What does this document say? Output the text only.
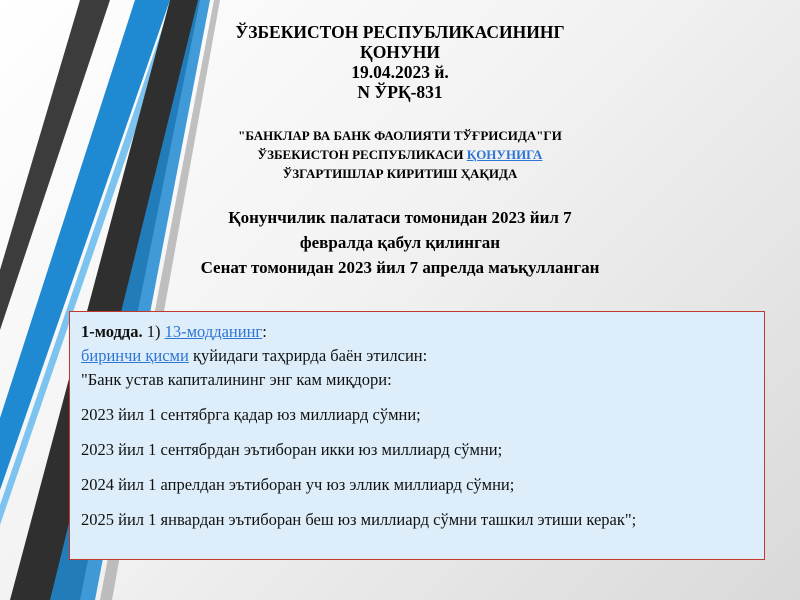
ЎЗБЕКИСТОН РЕСПУБЛИКАСИНИНГ
ҚОНУНИ
19.04.2023 й.
N ЎРҚ-831
"БАНКЛАР ВА БАНК ФАОЛИЯТИ ТЎҒРИСИДА"ГИ
ЎЗБЕКИСТОН РЕСПУБЛИКАСИ ҚОНУНИГА
ЎЗГАРТИШЛАР КИРИТИШ ҲАҚИДА
Қонунчилик палатаси томонидан 2023 йил 7
февралда қабул қилинган
Сенат томонидан 2023 йил 7 апрелда маъқулланган
1-модда. 1) 13-модданинг:
биринчи қисми қуйидаги таҳрирда баён этилсин:
"Банк устав капиталининг энг кам миқдори:
2023 йил 1 сентябрга қадар юз миллиард сўмни;
2023 йил 1 сентябрдан эътиборан икки юз миллиард сўмни;
2024 йил 1 апрелдан эътиборан уч юз эллик миллиард сўмни;
2025 йил 1 январдан эътиборан беш юз миллиард сўмни ташкил этиши керак";
